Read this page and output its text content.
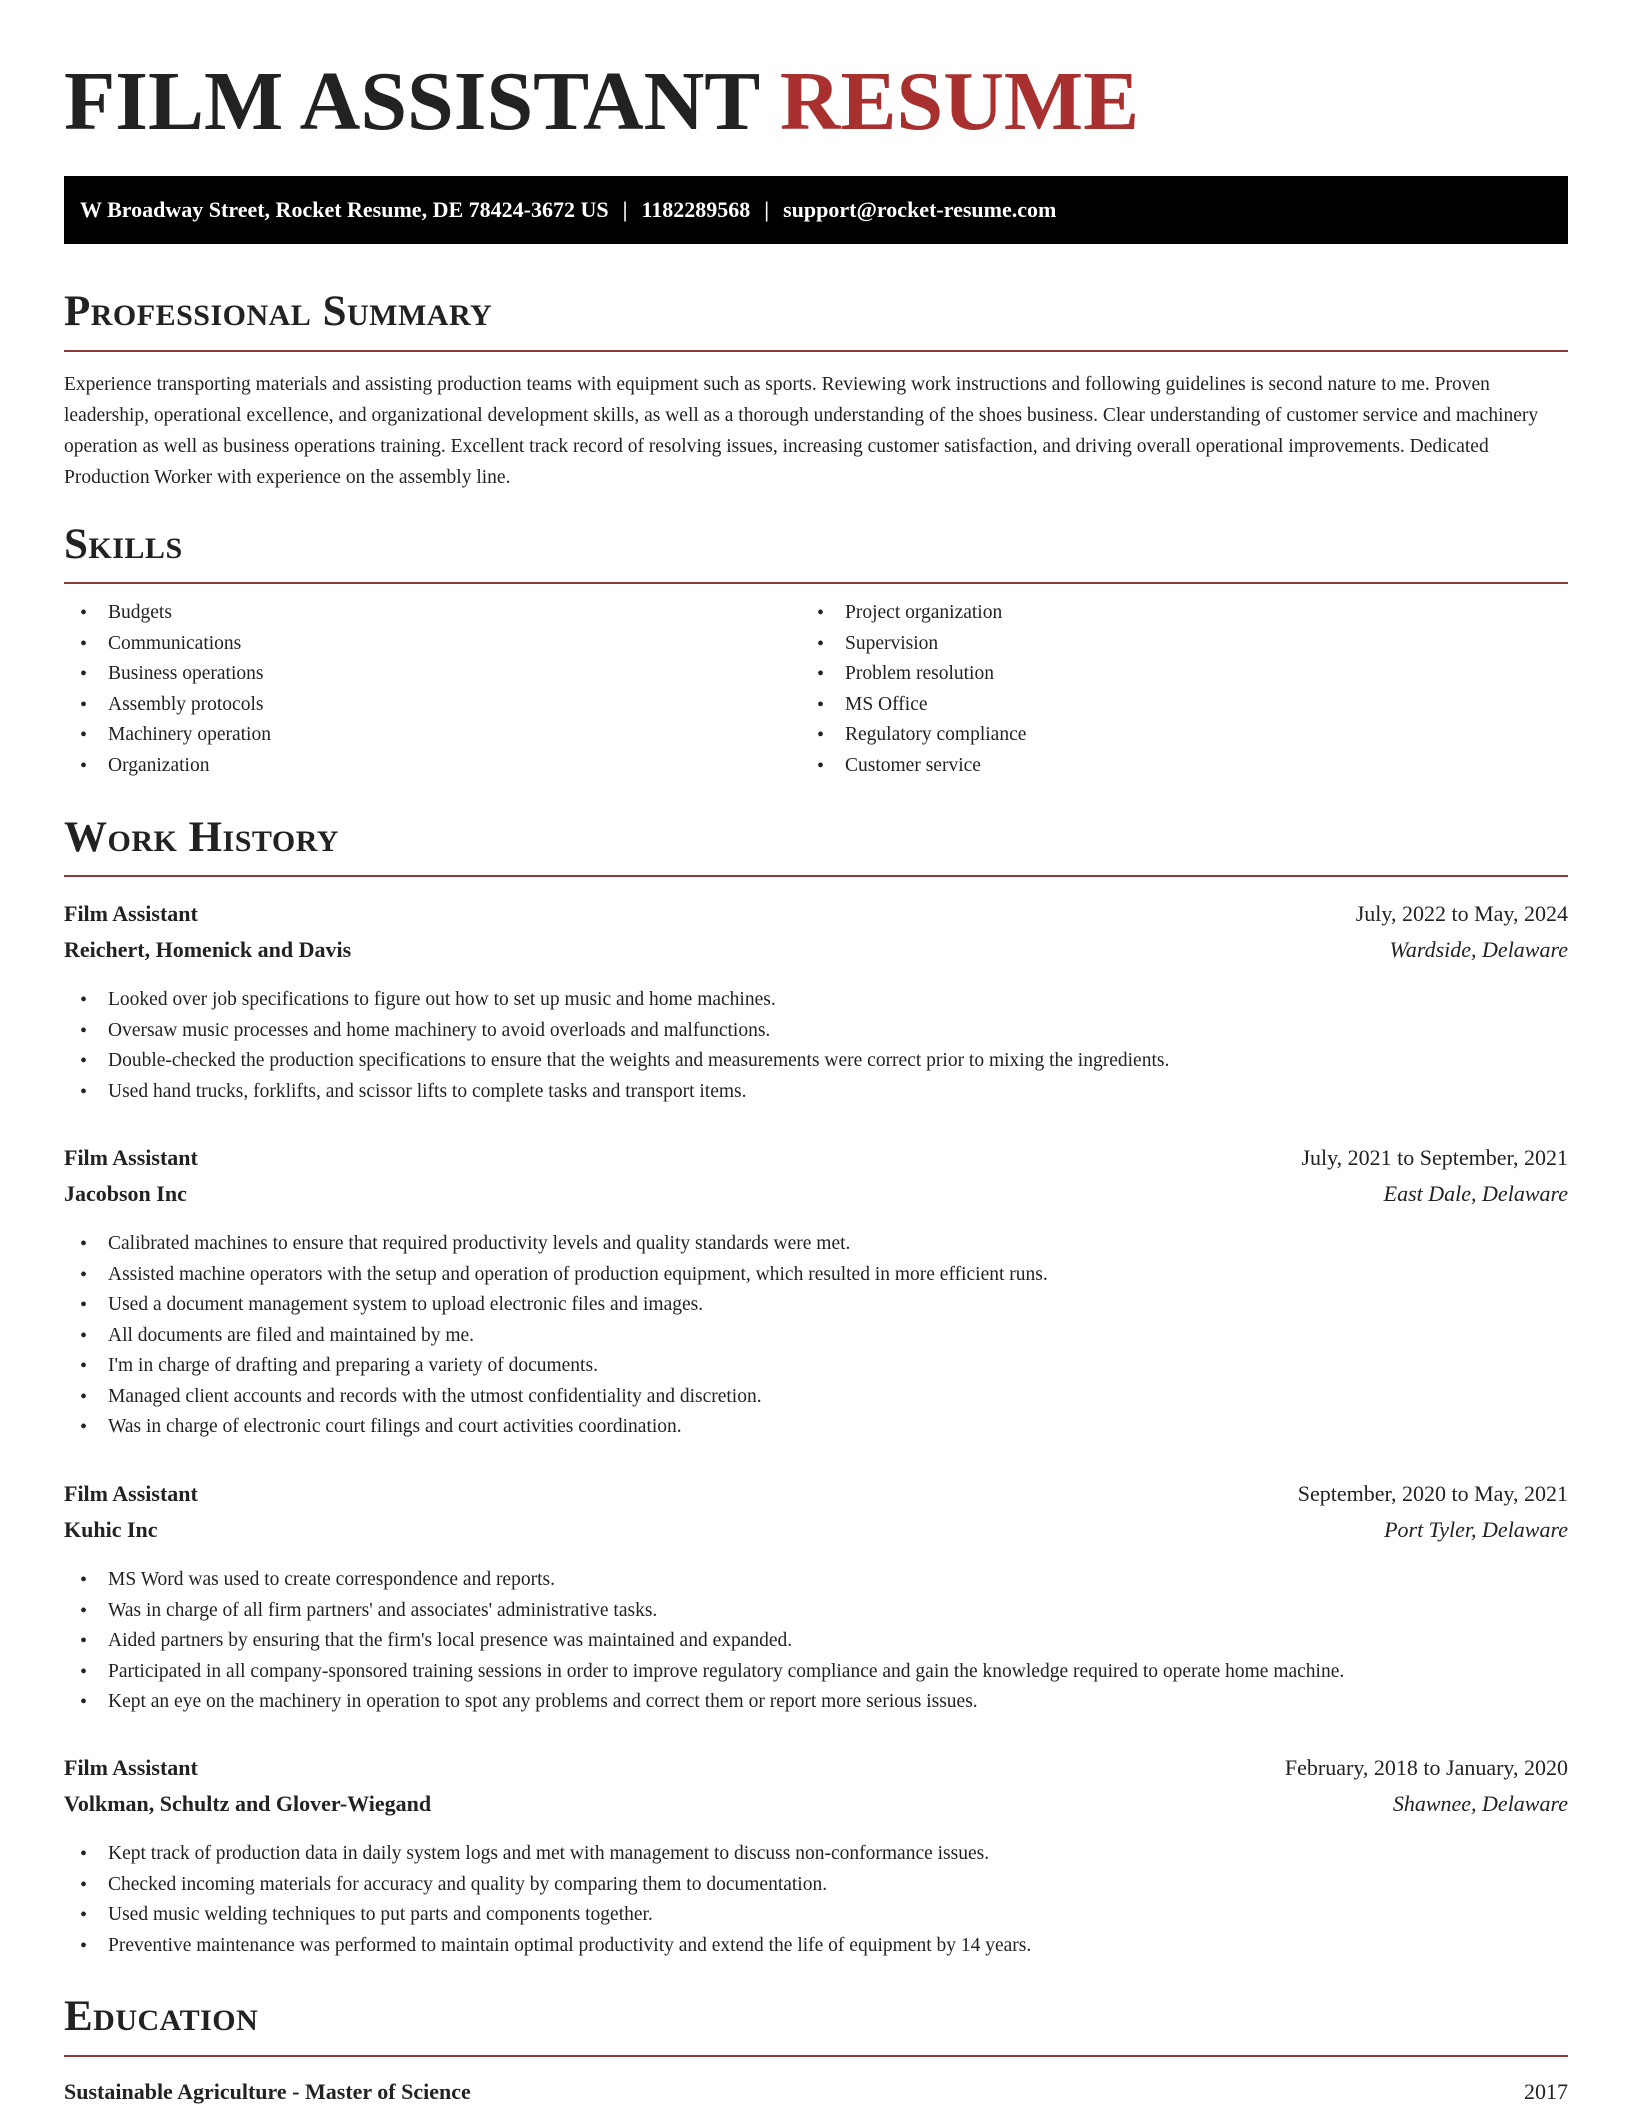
FILM ASSISTANT RESUME
W Broadway Street, Rocket Resume, DE 78424-3672 US | 1182289568 | support@rocket-resume.com
Professional Summary

Experience transporting materials and assisting production teams with equipment such as sports. Reviewing work instructions and following guidelines is second nature to me. Proven leadership, operational excellence, and organizational development skills, as well as a thorough understanding of the shoes business. Clear understanding of customer service and machinery operation as well as business operations training. Excellent track record of resolving issues, increasing customer satisfaction, and driving overall operational improvements. Dedicated Production Worker with experience on the assembly line.

Skills
• Budgets
• Communications
• Business operations
• Assembly protocols
• Machinery operation
• Organization
• Project organization
• Supervision
• Problem resolution
• MS Office
• Regulatory compliance
• Customer service
Work History
Film Assistant	July, 2022 to May, 2024
Reichert, Homenick and Davis	Wardside, Delaware
• Looked over job specifications to figure out how to set up music and home machines.
• Oversaw music processes and home machinery to avoid overloads and malfunctions.
• Double-checked the production specifications to ensure that the weights and measurements were correct prior to mixing the ingredients.
• Used hand trucks, forklifts, and scissor lifts to complete tasks and transport items.
Film Assistant	July, 2021 to September, 2021
Jacobson Inc	East Dale, Delaware
• Calibrated machines to ensure that required productivity levels and quality standards were met.
• Assisted machine operators with the setup and operation of production equipment, which resulted in more efficient runs.
• Used a document management system to upload electronic files and images.
• All documents are filed and maintained by me.
• I'm in charge of drafting and preparing a variety of documents.
• Managed client accounts and records with the utmost confidentiality and discretion.
• Was in charge of electronic court filings and court activities coordination.
Film Assistant	September, 2020 to May, 2021
Kuhic Inc	Port Tyler, Delaware
• MS Word was used to create correspondence and reports.
• Was in charge of all firm partners' and associates' administrative tasks.
• Aided partners by ensuring that the firm's local presence was maintained and expanded.
• Participated in all company-sponsored training sessions in order to improve regulatory compliance and gain the knowledge required to operate home machine.
• Kept an eye on the machinery in operation to spot any problems and correct them or report more serious issues.
Film Assistant	February, 2018 to January, 2020
Volkman, Schultz and Glover-Wiegand	Shawnee, Delaware
• Kept track of production data in daily system logs and met with management to discuss non-conformance issues.
• Checked incoming materials for accuracy and quality by comparing them to documentation.
• Used music welding techniques to put parts and components together.
• Preventive maintenance was performed to maintain optimal productivity and extend the life of equipment by 14 years.
Education
Sustainable Agriculture - Master of Science	2017
